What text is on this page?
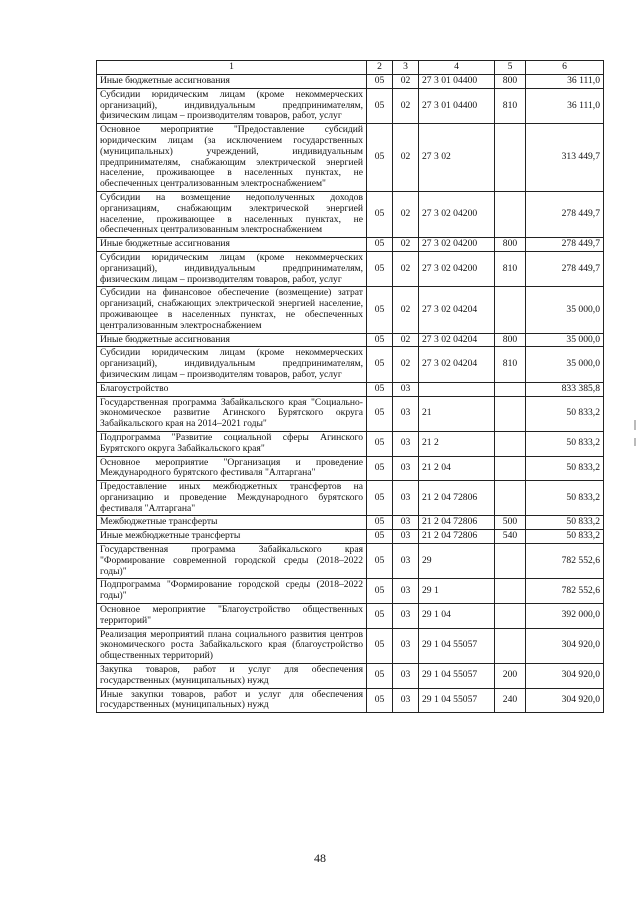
1	2	3	4	5	6
Иные бюджетные ассигнования	05	02	27 3 01 04400	800	36 111,0
Субсидии юридическим лицам (кроме некоммерческих организаций), индивидуальным предпринимателям, физическим лицам – производителям товаров, работ, услуг	05	02	27 3 01 04400	810	36 111,0
Основное мероприятие "Предоставление субсидий юридическим лицам (за исключением государственных (муниципальных) учреждений, индивидуальным предпринимателям, снабжающим электрической энергией население, проживающее в населенных пунктах, не обеспеченных централизованным электроснабжением"	05	02	27 3 02		313 449,7
Субсидии на возмещение недополученных доходов организациям, снабжающим электрической энергией население, проживающее в населенных пунктах, не обеспеченных централизованным электроснабжением	05	02	27 3 02 04200		278 449,7
Иные бюджетные ассигнования	05	02	27 3 02 04200	800	278 449,7
Субсидии юридическим лицам (кроме некоммерческих организаций), индивидуальным предпринимателям, физическим лицам – производителям товаров, работ, услуг	05	02	27 3 02 04200	810	278 449,7
Субсидии на финансовое обеспечение (возмещение) затрат организаций, снабжающих электрической энергией население, проживающее в населенных пунктах, не обеспеченных централизованным электроснабжением	05	02	27 3 02 04204		35 000,0
Иные бюджетные ассигнования	05	02	27 3 02 04204	800	35 000,0
Субсидии юридическим лицам (кроме некоммерческих организаций), индивидуальным предпринимателям, физическим лицам – производителям товаров, работ, услуг	05	02	27 3 02 04204	810	35 000,0
Благоустройство	05	03			833 385,8
Государственная программа Забайкальского края "Социально-экономическое развитие Агинского Бурятского округа Забайкальского края на 2014–2021 годы"	05	03	21		50 833,2
Подпрограмма "Развитие социальной сферы Агинского Бурятского округа Забайкальского края"	05	03	21 2		50 833,2
Основное мероприятие "Организация и проведение Международного бурятского фестиваля "Алтаргана"	05	03	21 2 04		50 833,2
Предоставление иных межбюджетных трансфертов на организацию и проведение Международного бурятского фестиваля "Алтаргана"	05	03	21 2 04 72806		50 833,2
Межбюджетные трансферты	05	03	21 2 04 72806	500	50 833,2
Иные межбюджетные трансферты	05	03	21 2 04 72806	540	50 833,2
Государственная программа Забайкальского края "Формирование современной городской среды (2018–2022 годы)"	05	03	29		782 552,6
Подпрограмма "Формирование городской среды (2018–2022 годы)"	05	03	29 1		782 552,6
Основное мероприятие "Благоустройство общественных территорий"	05	03	29 1 04		392 000,0
Реализация мероприятий плана социального развития центров экономического роста Забайкальского края (благоустройство общественных территорий)	05	03	29 1 04 55057		304 920,0
Закупка товаров, работ и услуг для обеспечения государственных (муниципальных) нужд	05	03	29 1 04 55057	200	304 920,0
Иные закупки товаров, работ и услуг для обеспечения государственных (муниципальных) нужд	05	03	29 1 04 55057	240	304 920,0
48
